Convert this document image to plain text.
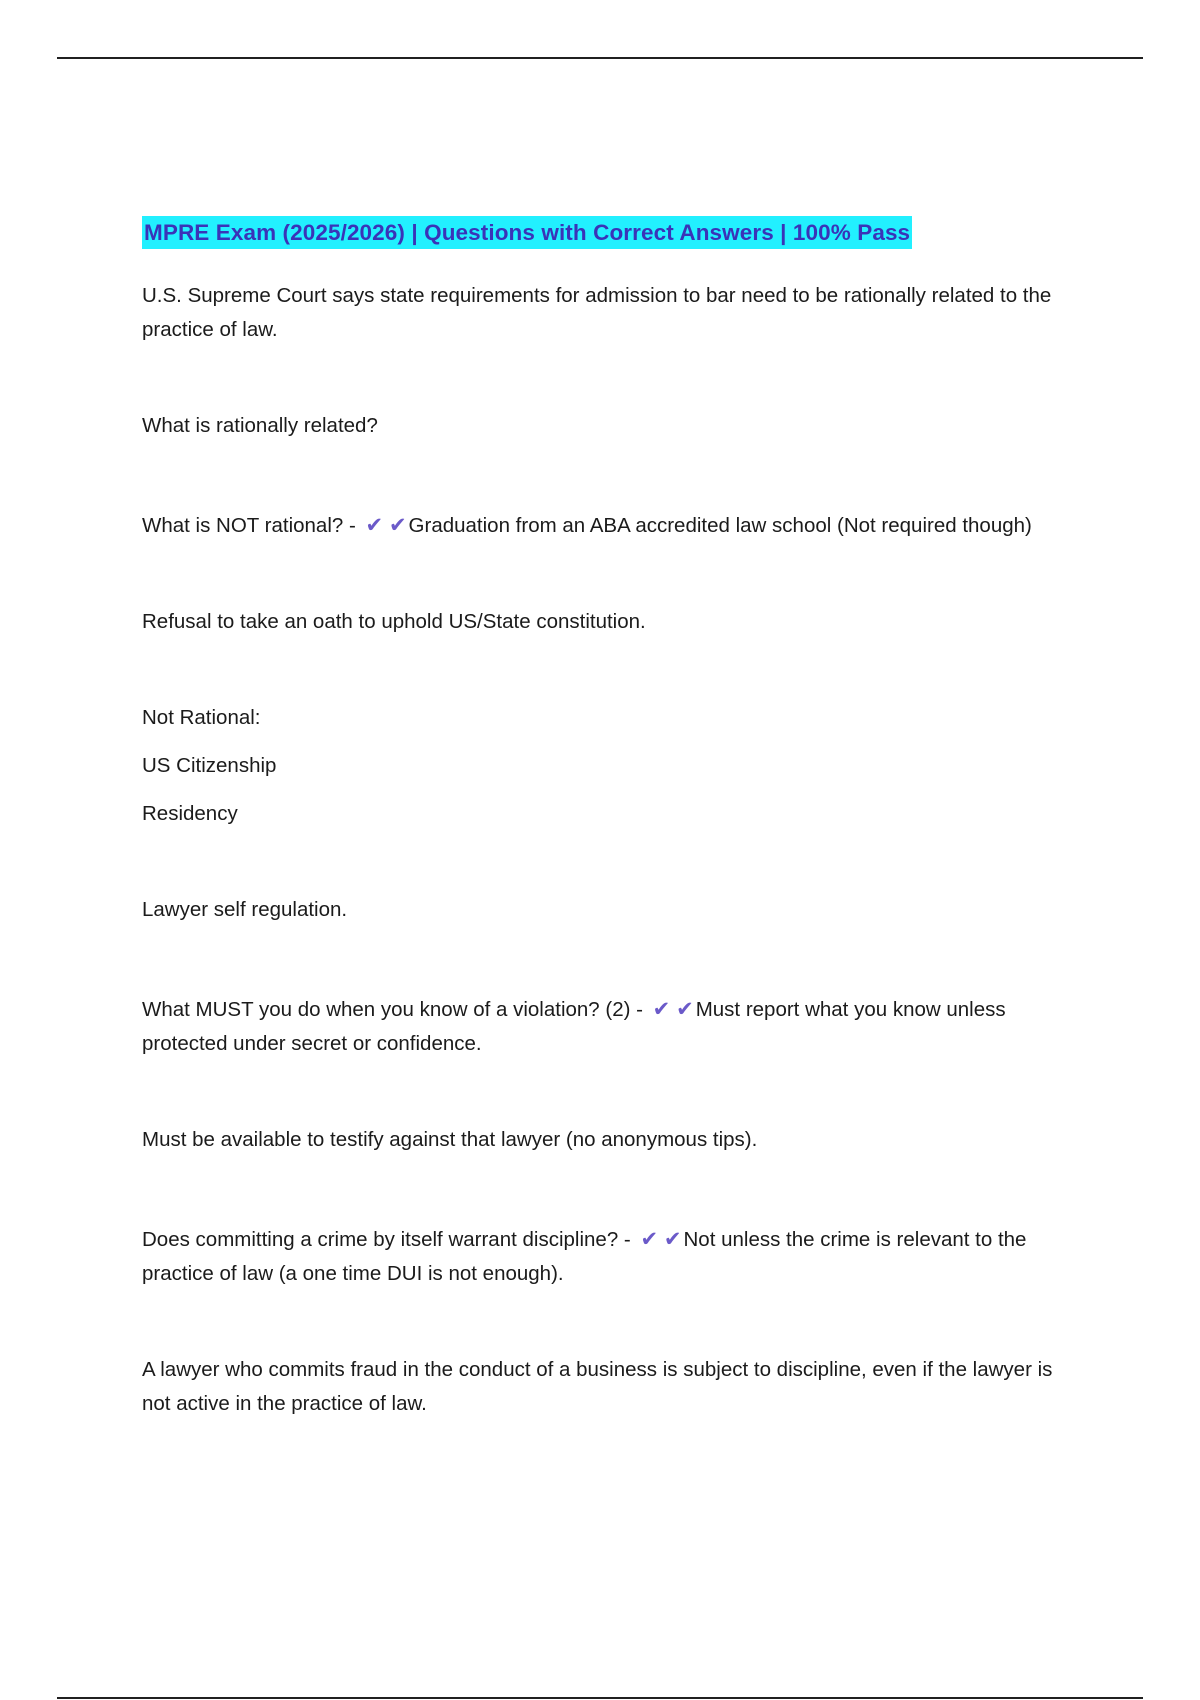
MPRE Exam (2025/2026) | Questions with Correct Answers | 100% Pass

U.S. Supreme Court says state requirements for admission to bar need to be rationally related to the practice of law.

What is rationally related?

What is NOT rational? - ✔ ✔Graduation from an ABA accredited law school (Not required though)

Refusal to take an oath to uphold US/State constitution.

Not Rational:

US Citizenship

Residency

Lawyer self regulation.

What MUST you do when you know of a violation? (2) - ✔ ✔Must report what you know unless protected under secret or confidence.

Must be available to testify against that lawyer (no anonymous tips).

Does committing a crime by itself warrant discipline? - ✔ ✔Not unless the crime is relevant to the practice of law (a one time DUI is not enough).

A lawyer who commits fraud in the conduct of a business is subject to discipline, even if the lawyer is not active in the practice of law.
